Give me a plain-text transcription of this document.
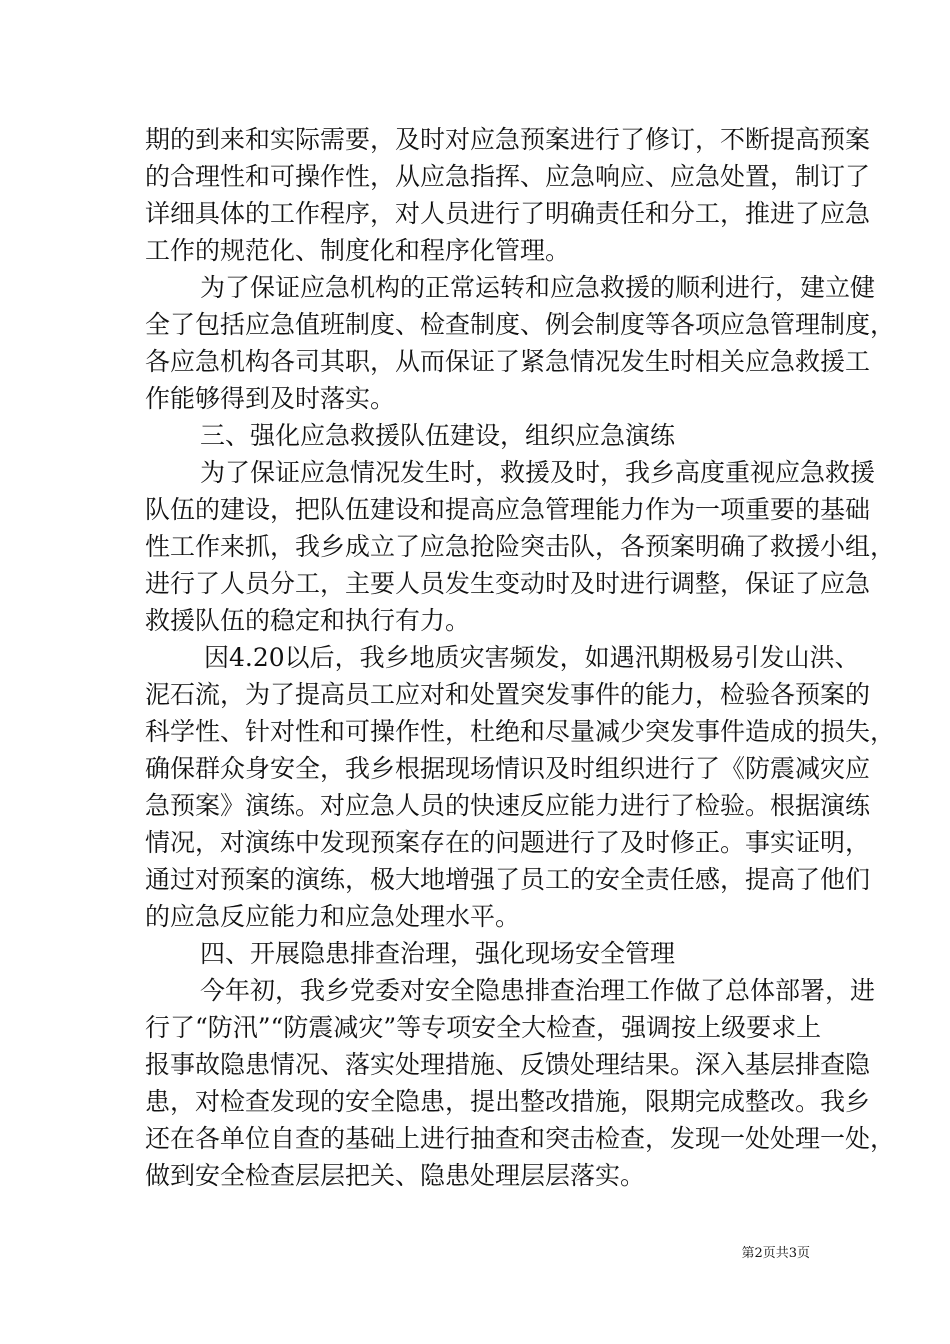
期的到来和实际需要，及时对应急预案进行了修订，不断提高预案
的合理性和可操作性，从应急指挥、应急响应、应急处置，制订了
详细具体的工作程序，对人员进行了明确责任和分工，推进了应急
工作的规范化、制度化和程序化管理。
为了保证应急机构的正常运转和应急救援的顺利进行，建立健
全了包括应急值班制度、检查制度、例会制度等各项应急管理制度，
各应急机构各司其职，从而保证了紧急情况发生时相关应急救援工
作能够得到及时落实。
三、强化应急救援队伍建设，组织应急演练
为了保证应急情况发生时，救援及时，我乡高度重视应急救援
队伍的建设，把队伍建设和提高应急管理能力作为一项重要的基础
性工作来抓，我乡成立了应急抢险突击队，各预案明确了救援小组，
进行了人员分工，主要人员发生变动时及时进行调整，保证了应急
救援队伍的稳定和执行有力。
因4.20以后，我乡地质灾害频发，如遇汛期极易引发山洪、
泥石流，为了提高员工应对和处置突发事件的能力，检验各预案的
科学性、针对性和可操作性，杜绝和尽量减少突发事件造成的损失，
确保群众身安全，我乡根据现场情识及时组织进行了《防震减灾应
急预案》演练。对应急人员的快速反应能力进行了检验。根据演练
情况，对演练中发现预案存在的问题进行了及时修正。事实证明，
通过对预案的演练，极大地增强了员工的安全责任感，提高了他们
的应急反应能力和应急处理水平。
四、开展隐患排查治理，强化现场安全管理
今年初，我乡党委对安全隐患排查治理工作做了总体部署，进
行了“防汛”“防震减灾”等专项安全大检查，强调按上级要求上
报事故隐患情况、落实处理措施、反馈处理结果。深入基层排查隐
患，对检查发现的安全隐患，提出整改措施，限期完成整改。我乡
还在各单位自查的基础上进行抽查和突击检查，发现一处处理一处，
做到安全检查层层把关、隐患处理层层落实。
第2页共3页
